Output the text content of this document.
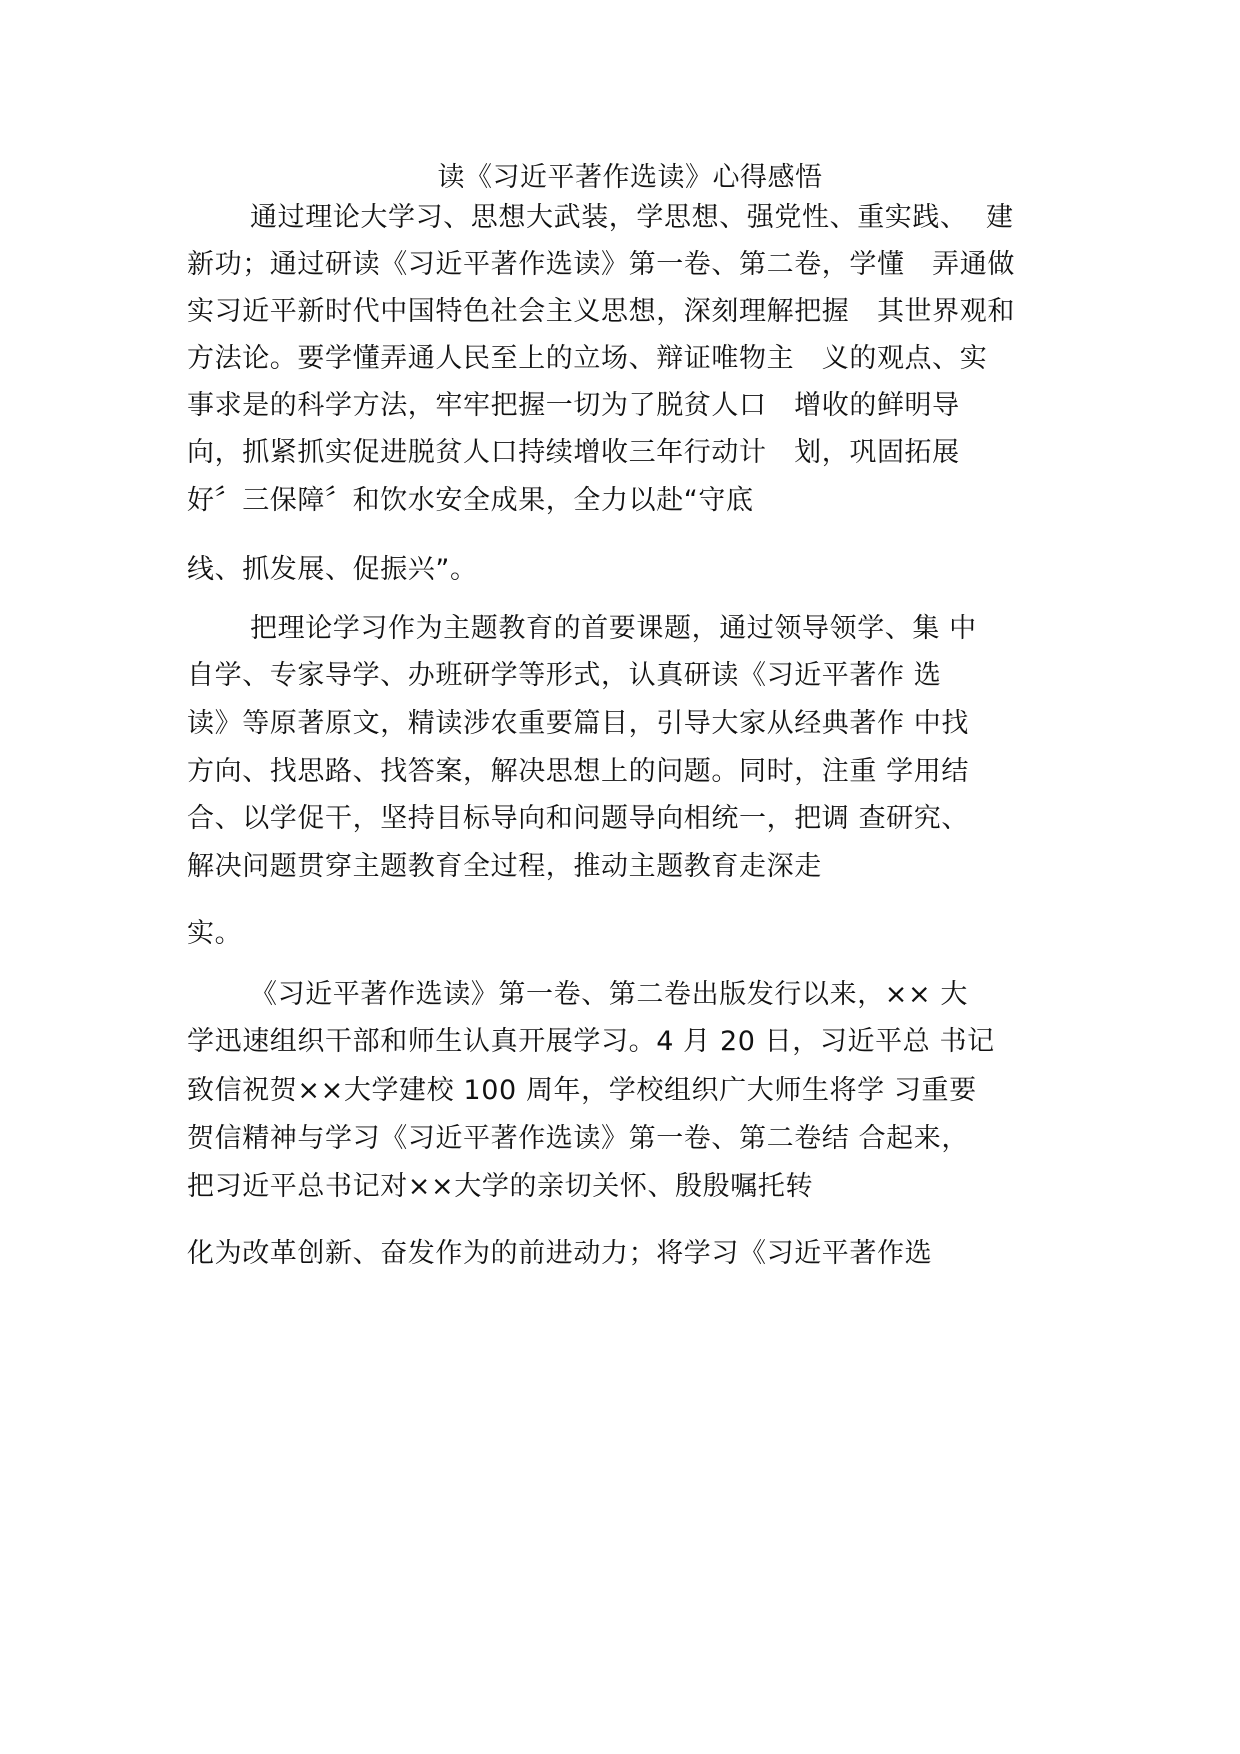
读《习近平著作选读》心得感悟
通过理论大学习、思想大武装，学思想、强党性、重实践、  建
新功；通过研读《习近平著作选读》第一卷、第二卷，学懂   弄通做
实习近平新时代中国特色社会主义思想，深刻理解把握   其世界观和
方法论。要学懂弄通人民至上的立场、辩证唯物主   义的观点、实
事求是的科学方法，牢牢把握一切为了脱贫人口   增收的鲜明导
向，抓紧抓实促进脱贫人口持续增收三年行动计   划，巩固拓展
好〞三保障〞和饮水安全成果，全力以赴“守底
线、抓发展、促振兴”。
把理论学习作为主题教育的首要课题，通过领导领学、集 中
自学、专家导学、办班研学等形式，认真研读《习近平著作 选
读》等原著原文，精读涉农重要篇目，引导大家从经典著作 中找
方向、找思路、找答案，解决思想上的问题。同时，注重 学用结
合、以学促干，坚持目标导向和问题导向相统一，把调 查研究、
解决问题贯穿主题教育全过程，推动主题教育走深走
实。
《习近平著作选读》第一卷、第二卷出版发行以来，×× 大
学迅速组织干部和师生认真开展学习。4 月 20 日，习近平总 书记
致信祝贺××大学建校 100 周年，学校组织广大师生将学 习重要
贺信精神与学习《习近平著作选读》第一卷、第二卷结 合起来，
把习近平总书记对××大学的亲切关怀、殷殷嘱托转
化为改革创新、奋发作为的前进动力；将学习《习近平著作选
